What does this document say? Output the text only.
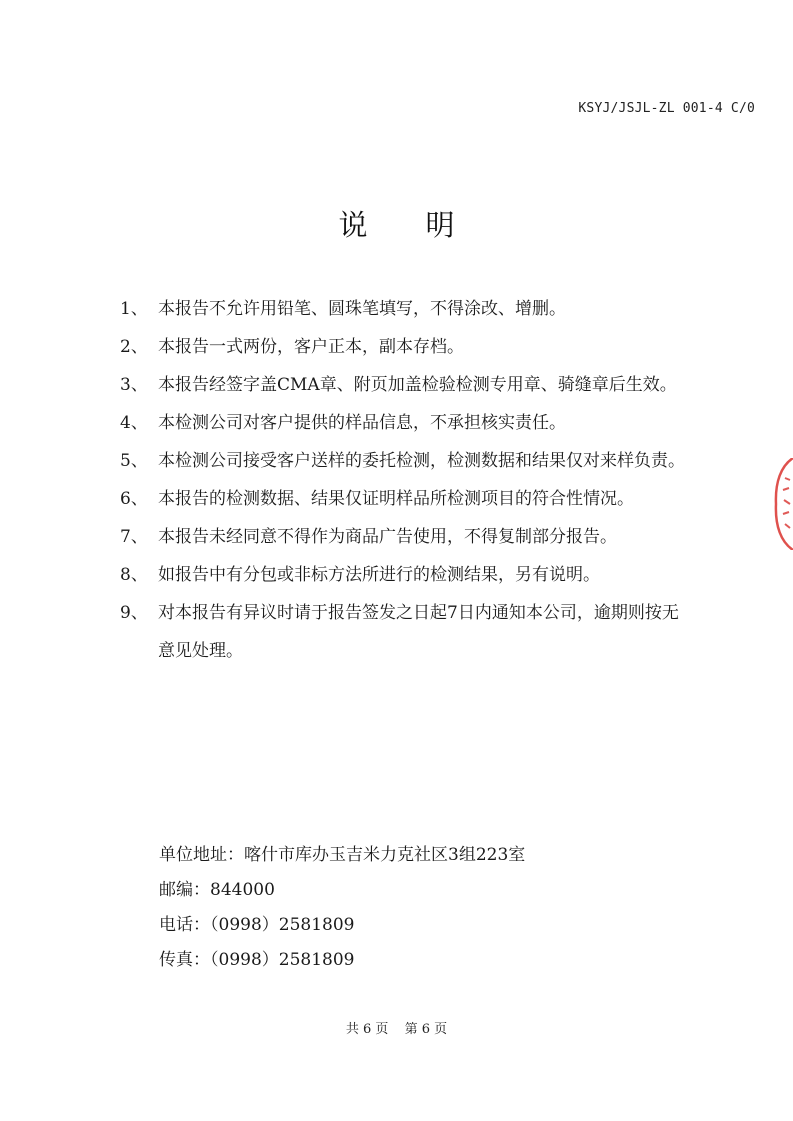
KSYJ/JSJL-ZL 001-4 C/0
说明
1、 本报告不允许用铅笔、圆珠笔填写，不得涂改、增删。
2、 本报告一式两份，客户正本，副本存档。
3、 本报告经签字盖CMA章、附页加盖检验检测专用章、骑缝章后生效。
4、 本检测公司对客户提供的样品信息，不承担核实责任。
5、 本检测公司接受客户送样的委托检测，检测数据和结果仅对来样负责。
6、 本报告的检测数据、结果仅证明样品所检测项目的符合性情况。
7、 本报告未经同意不得作为商品广告使用，不得复制部分报告。
8、 如报告中有分包或非标方法所进行的检测结果，另有说明。
9、 对本报告有异议时请于报告签发之日起7日内通知本公司，逾期则按无意见处理。
单位地址：喀什市库办玉吉米力克社区3组223室
邮编：844000
电话：（0998）2581809
传真：（0998）2581809
共 6 页 第 6 页
